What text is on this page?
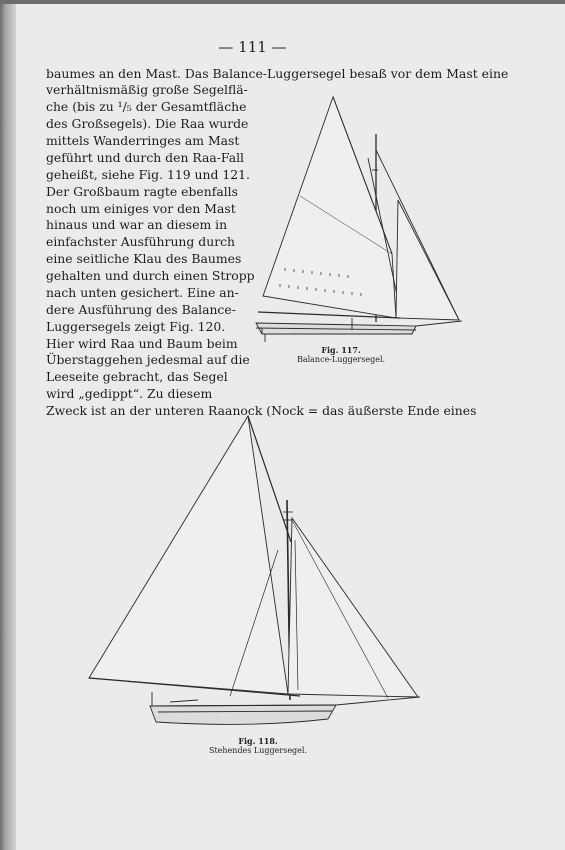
— 111 —
baumes an den Mast. Das Balance-Luggersegel besaß vor dem Mast eine
verhältnismäßig große Segelflä-
che (bis zu ¹/₅ der Gesamtfläche
des Großsegels). Die Raa wurde
mittels Wanderringes am Mast
geführt und durch den Raa-Fall
geheißt, siehe Fig. 119 und 121.
Der Großbaum ragte ebenfalls
noch um einiges vor den Mast
hinaus und war an diesem in
einfachster Ausführung durch
eine seitliche Klau des Baumes
gehalten und durch einen Stropp
nach unten gesichert. Eine an-
dere Ausführung des Balance-
Luggersegels zeigt Fig. 120.
Hier wird Raa und Baum beim
Überstaggehen jedesmal auf die
Leeseite gebracht, das Segel
wird „gedippt“. Zu diesem
Zweck ist an der unteren Raanock (Nock = das äußerste Ende eines
Fig. 117.
Balance-Luggersegel.
Fig. 118.
Stehendes Luggersegel.
